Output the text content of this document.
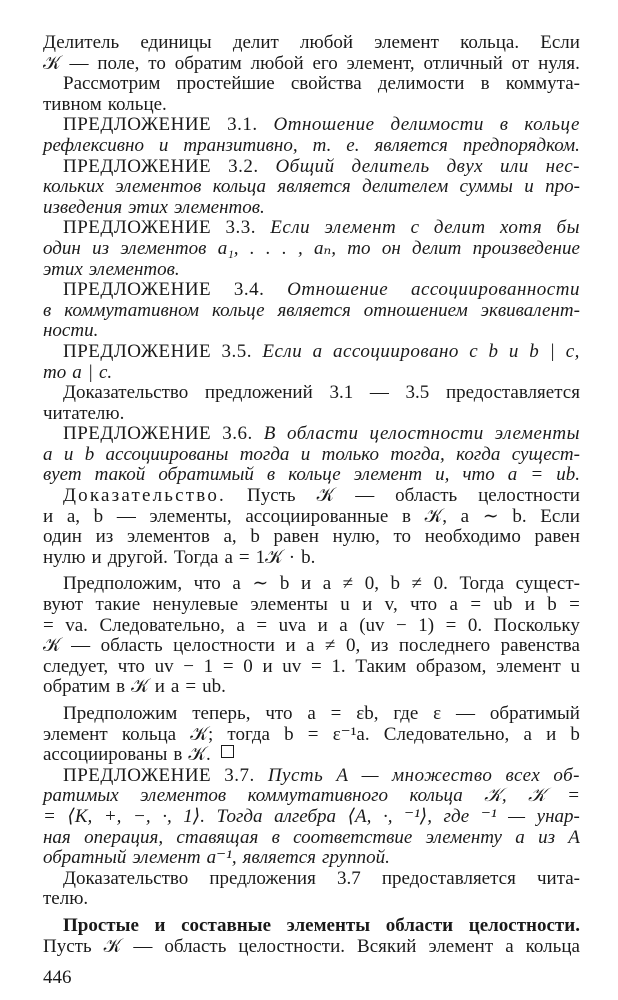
Делитель единицы делит любой элемент кольца. Если
𝒦 — поле, то обратим любой его элемент, отличный от нуля.
Рассмотрим простейшие свойства делимости в коммута-
тивном кольце.
ПРЕДЛОЖЕНИЕ 3.1. Отношение делимости в кольце
рефлексивно и транзитивно, т. е. является предпорядком.
ПРЕДЛОЖЕНИЕ 3.2. Общий делитель двух или нес-
кольких элементов кольца является делителем суммы и про-
изведения этих элементов.
ПРЕДЛОЖЕНИЕ 3.3. Если элемент c делит хотя бы
один из элементов a₁, . . . , aₙ, то он делит произведение
этих элементов.
ПРЕДЛОЖЕНИЕ 3.4. Отношение ассоциированности
в коммутативном кольце является отношением эквивалент-
ности.
ПРЕДЛОЖЕНИЕ 3.5. Если a ассоциировано с b и b | c,
то a | c.
Доказательство предложений 3.1 — 3.5 предоставляется
читателю.
ПРЕДЛОЖЕНИЕ 3.6. В области целостности элементы
a и b ассоциированы тогда и только тогда, когда сущест-
вует такой обратимый в кольце элемент u, что a = ub.
Доказательство. Пусть 𝒦 — область целостности
и a, b — элементы, ассоциированные в 𝒦, a ∼ b. Если
один из элементов a, b равен нулю, то необходимо равен
нулю и другой. Тогда a = 1𝒦 · b.
Предположим, что a ∼ b и a ≠ 0, b ≠ 0. Тогда сущест-
вуют такие ненулевые элементы u и v, что a = ub и b =
= va. Следовательно, a = uva и a (uv − 1) = 0. Поскольку
𝒦 — область целостности и a ≠ 0, из последнего равенства
следует, что uv − 1 = 0 и uv = 1. Таким образом, элемент u
обратим в 𝒦 и a = ub.
Предположим теперь, что a = εb, где ε — обратимый
элемент кольца 𝒦; тогда b = ε⁻¹a. Следовательно, a и b
ассоциированы в 𝒦.
ПРЕДЛОЖЕНИЕ 3.7. Пусть A — множество всех об-
ратимых элементов коммутативного кольца 𝒦, 𝒦 =
= ⟨K, +, −, ·, 1⟩. Тогда алгебра ⟨A, ·, ⁻¹⟩, где ⁻¹ — унар-
ная операция, ставящая в соответствие элементу a из A
обратный элемент a⁻¹, является группой.
Доказательство предложения 3.7 предоставляется чита-
телю.
Простые и составные элементы области целостности.
Пусть 𝒦 — область целостности. Всякий элемент a кольца
446
